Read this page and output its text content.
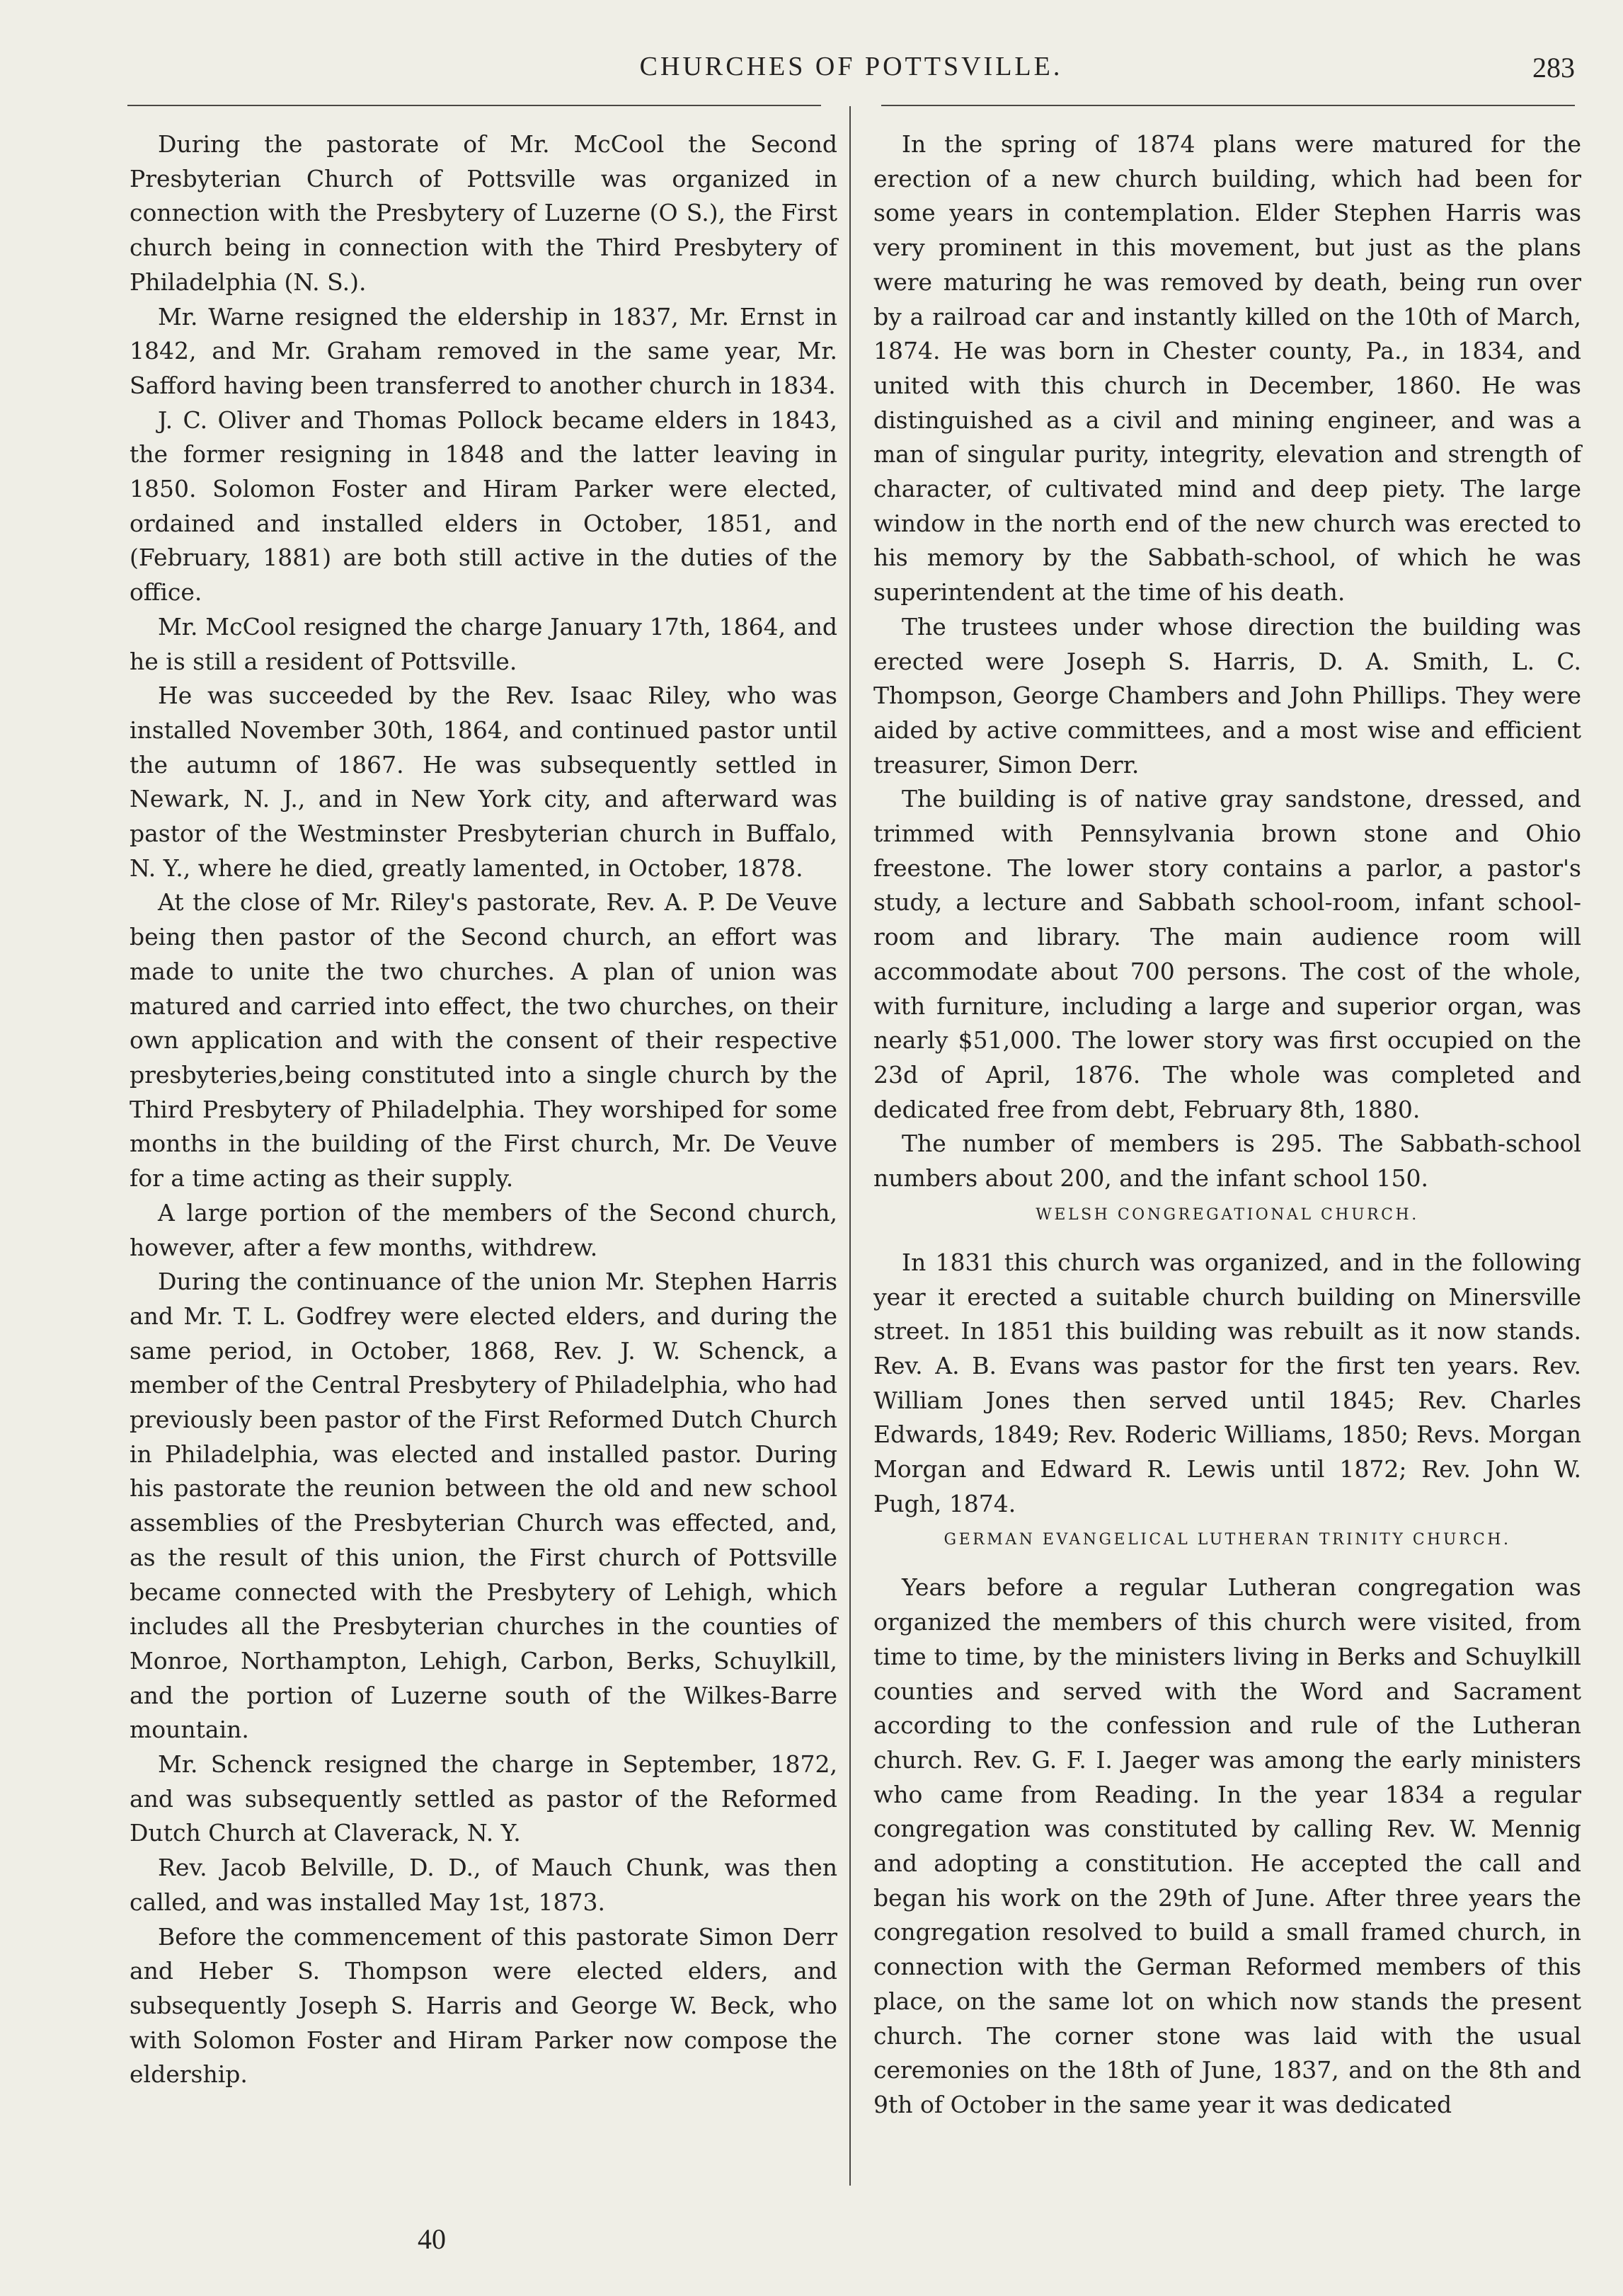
CHURCHES OF POTTSVILLE.	283

During the pastorate of Mr. McCool the Second Presbyterian Church of Pottsville was organized in connection with the Presbytery of Luzerne (O S.), the First church being in connection with the Third Presbytery of Philadelphia (N. S.).

Mr. Warne resigned the eldership in 1837, Mr. Ernst in 1842, and Mr. Graham removed in the same year, Mr. Safford having been transferred to another church in 1834.

J. C. Oliver and Thomas Pollock became elders in 1843, the former resigning in 1848 and the latter leaving in 1850. Solomon Foster and Hiram Parker were elected, ordained and installed elders in October, 1851, and (February, 1881) are both still active in the duties of the office.

Mr. McCool resigned the charge January 17th, 1864, and he is still a resident of Pottsville.

He was succeeded by the Rev. Isaac Riley, who was installed November 30th, 1864, and continued pastor until the autumn of 1867. He was subsequently settled in Newark, N. J., and in New York city, and afterward was pastor of the Westminster Presbyterian church in Buffalo, N. Y., where he died, greatly lamented, in October, 1878.

At the close of Mr. Riley's pastorate, Rev. A. P. De Veuve being then pastor of the Second church, an effort was made to unite the two churches. A plan of union was matured and carried into effect, the two churches, on their own application and with the consent of their respective presbyteries,being constituted into a single church by the Third Presbytery of Philadelphia. They worshiped for some months in the building of the First church, Mr. De Veuve for a time acting as their supply.

A large portion of the members of the Second church, however, after a few months, withdrew.

During the continuance of the union Mr. Stephen Harris and Mr. T. L. Godfrey were elected elders, and during the same period, in October, 1868, Rev. J. W. Schenck, a member of the Central Presbytery of Philadelphia, who had previously been pastor of the First Reformed Dutch Church in Philadelphia, was elected and installed pastor. During his pastorate the reunion between the old and new school assemblies of the Presbyterian Church was effected, and, as the result of this union, the First church of Pottsville became connected with the Presbytery of Lehigh, which includes all the Presbyterian churches in the counties of Monroe, Northampton, Lehigh, Carbon, Berks, Schuylkill, and the portion of Luzerne south of the Wilkes-Barre mountain.

Mr. Schenck resigned the charge in September, 1872, and was subsequently settled as pastor of the Reformed Dutch Church at Claverack, N. Y.

Rev. Jacob Belville, D. D., of Mauch Chunk, was then called, and was installed May 1st, 1873.

Before the commencement of this pastorate Simon Derr and Heber S. Thompson were elected elders, and subsequently Joseph S. Harris and George W. Beck, who with Solomon Foster and Hiram Parker now compose the eldership.

In the spring of 1874 plans were matured for the erection of a new church building, which had been for some years in contemplation. Elder Stephen Harris was very prominent in this movement, but just as the plans were maturing he was removed by death, being run over by a railroad car and instantly killed on the 10th of March, 1874. He was born in Chester county, Pa., in 1834, and united with this church in December, 1860. He was distinguished as a civil and mining engineer, and was a man of singular purity, integrity, elevation and strength of character, of cultivated mind and deep piety. The large window in the north end of the new church was erected to his memory by the Sabbath-school, of which he was superintendent at the time of his death.

The trustees under whose direction the building was erected were Joseph S. Harris, D. A. Smith, L. C. Thompson, George Chambers and John Phillips. They were aided by active committees, and a most wise and efficient treasurer, Simon Derr.

The building is of native gray sandstone, dressed, and trimmed with Pennsylvania brown stone and Ohio freestone. The lower story contains a parlor, a pastor's study, a lecture and Sabbath school-room, infant school-room and library. The main audience room will accommodate about 700 persons. The cost of the whole, with furniture, including a large and superior organ, was nearly $51,000. The lower story was first occupied on the 23d of April, 1876. The whole was completed and dedicated free from debt, February 8th, 1880.

The number of members is 295. The Sabbath-school numbers about 200, and the infant school 150.

WELSH CONGREGATIONAL CHURCH.

In 1831 this church was organized, and in the following year it erected a suitable church building on Minersville street. In 1851 this building was rebuilt as it now stands. Rev. A. B. Evans was pastor for the first ten years. Rev. William Jones then served until 1845; Rev. Charles Edwards, 1849; Rev. Roderic Williams, 1850; Revs. Morgan Morgan and Edward R. Lewis until 1872; Rev. John W. Pugh, 1874.

GERMAN EVANGELICAL LUTHERAN TRINITY CHURCH.

Years before a regular Lutheran congregation was organized the members of this church were visited, from time to time, by the ministers living in Berks and Schuylkill counties and served with the Word and Sacrament according to the confession and rule of the Lutheran church. Rev. G. F. I. Jaeger was among the early ministers who came from Reading. In the year 1834 a regular congregation was constituted by calling Rev. W. Mennig and adopting a constitution. He accepted the call and began his work on the 29th of June. After three years the congregation resolved to build a small framed church, in connection with the German Reformed members of this place, on the same lot on which now stands the present church. The corner stone was laid with the usual ceremonies on the 18th of June, 1837, and on the 8th and 9th of October in the same year it was dedicated

40
